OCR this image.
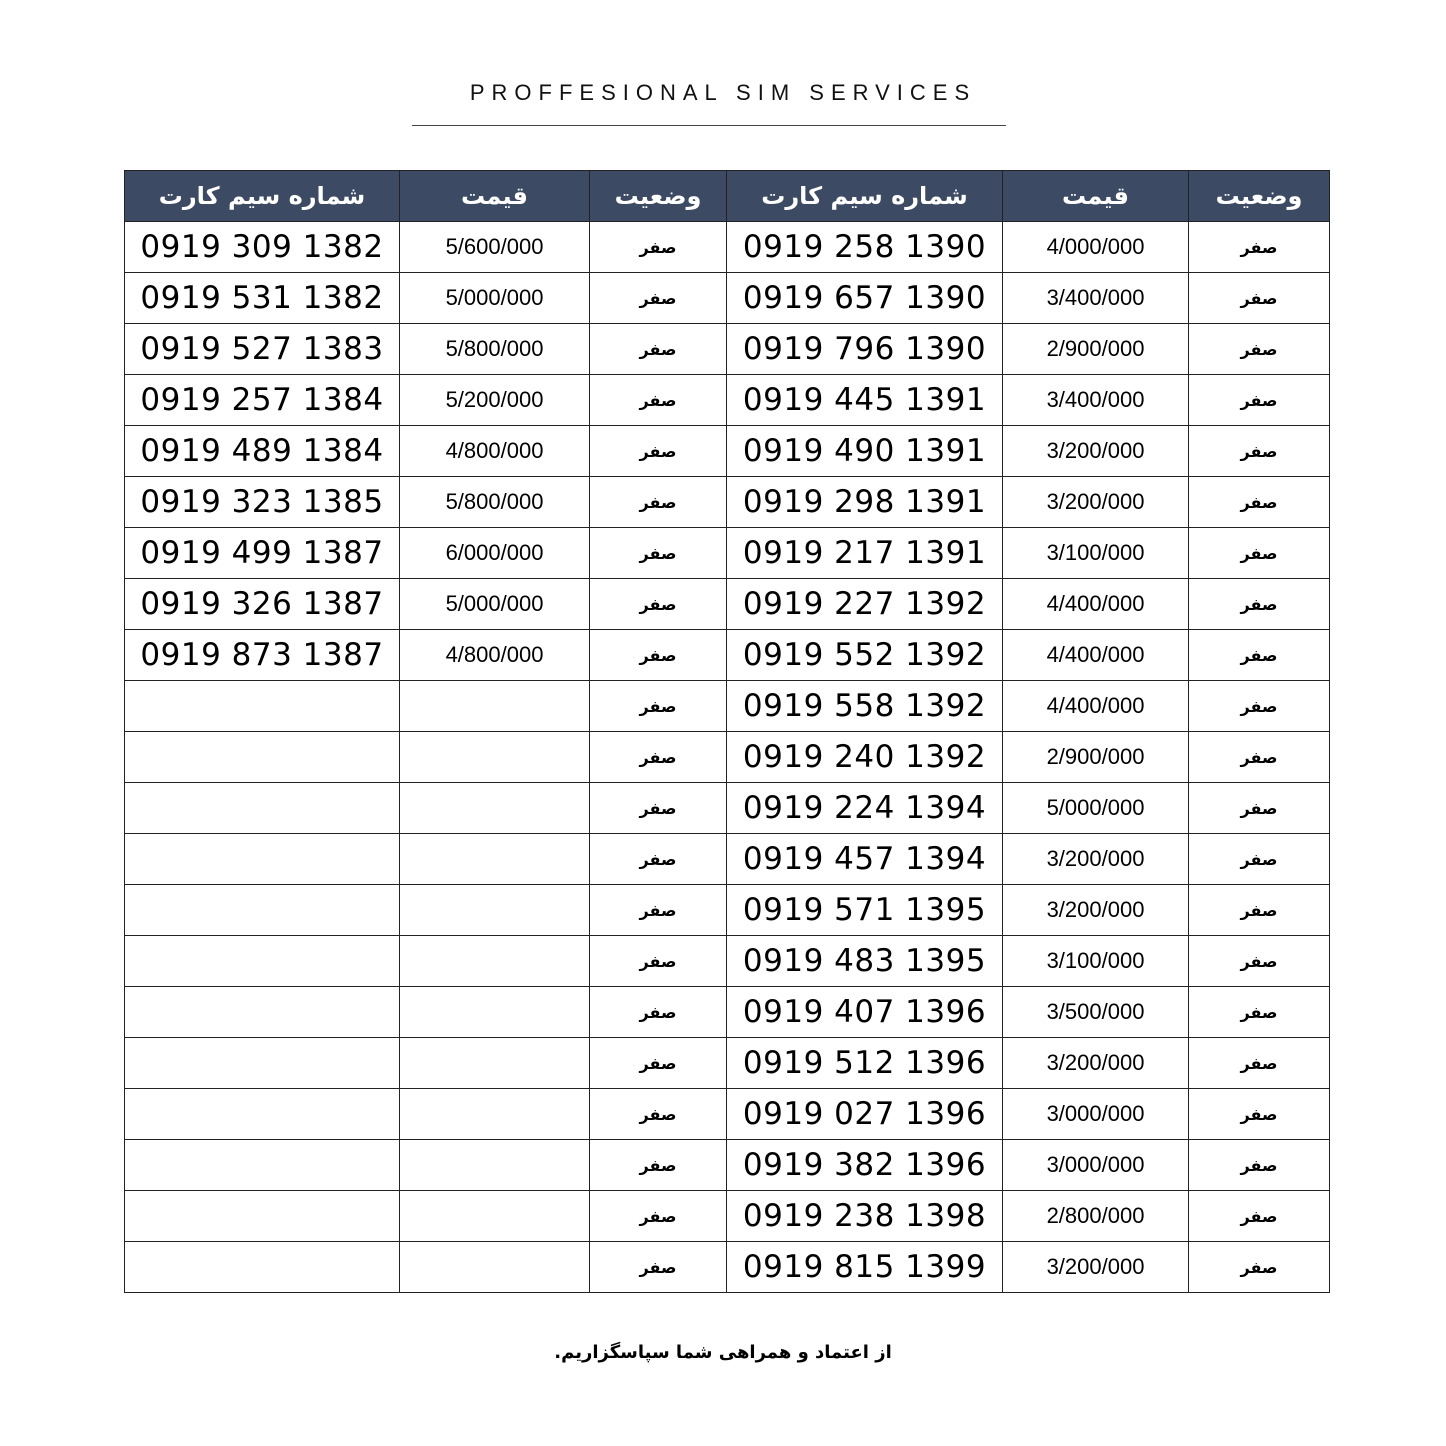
PROFFESIONAL SIM SERVICES
شماره سیم کارت	قیمت	وضعیت	شماره سیم کارت	قیمت	وضعیت
0919 309 1382	5/600/000	صفر	0919 258 1390	4/000/000	صفر
0919 531 1382	5/000/000	صفر	0919 657 1390	3/400/000	صفر
0919 527 1383	5/800/000	صفر	0919 796 1390	2/900/000	صفر
0919 257 1384	5/200/000	صفر	0919 445 1391	3/400/000	صفر
0919 489 1384	4/800/000	صفر	0919 490 1391	3/200/000	صفر
0919 323 1385	5/800/000	صفر	0919 298 1391	3/200/000	صفر
0919 499 1387	6/000/000	صفر	0919 217 1391	3/100/000	صفر
0919 326 1387	5/000/000	صفر	0919 227 1392	4/400/000	صفر
0919 873 1387	4/800/000	صفر	0919 552 1392	4/400/000	صفر
		صفر	0919 558 1392	4/400/000	صفر
		صفر	0919 240 1392	2/900/000	صفر
		صفر	0919 224 1394	5/000/000	صفر
		صفر	0919 457 1394	3/200/000	صفر
		صفر	0919 571 1395	3/200/000	صفر
		صفر	0919 483 1395	3/100/000	صفر
		صفر	0919 407 1396	3/500/000	صفر
		صفر	0919 512 1396	3/200/000	صفر
		صفر	0919 027 1396	3/000/000	صفر
		صفر	0919 382 1396	3/000/000	صفر
		صفر	0919 238 1398	2/800/000	صفر
		صفر	0919 815 1399	3/200/000	صفر
از اعتماد و همراهی شما سپاسگزاریم.
